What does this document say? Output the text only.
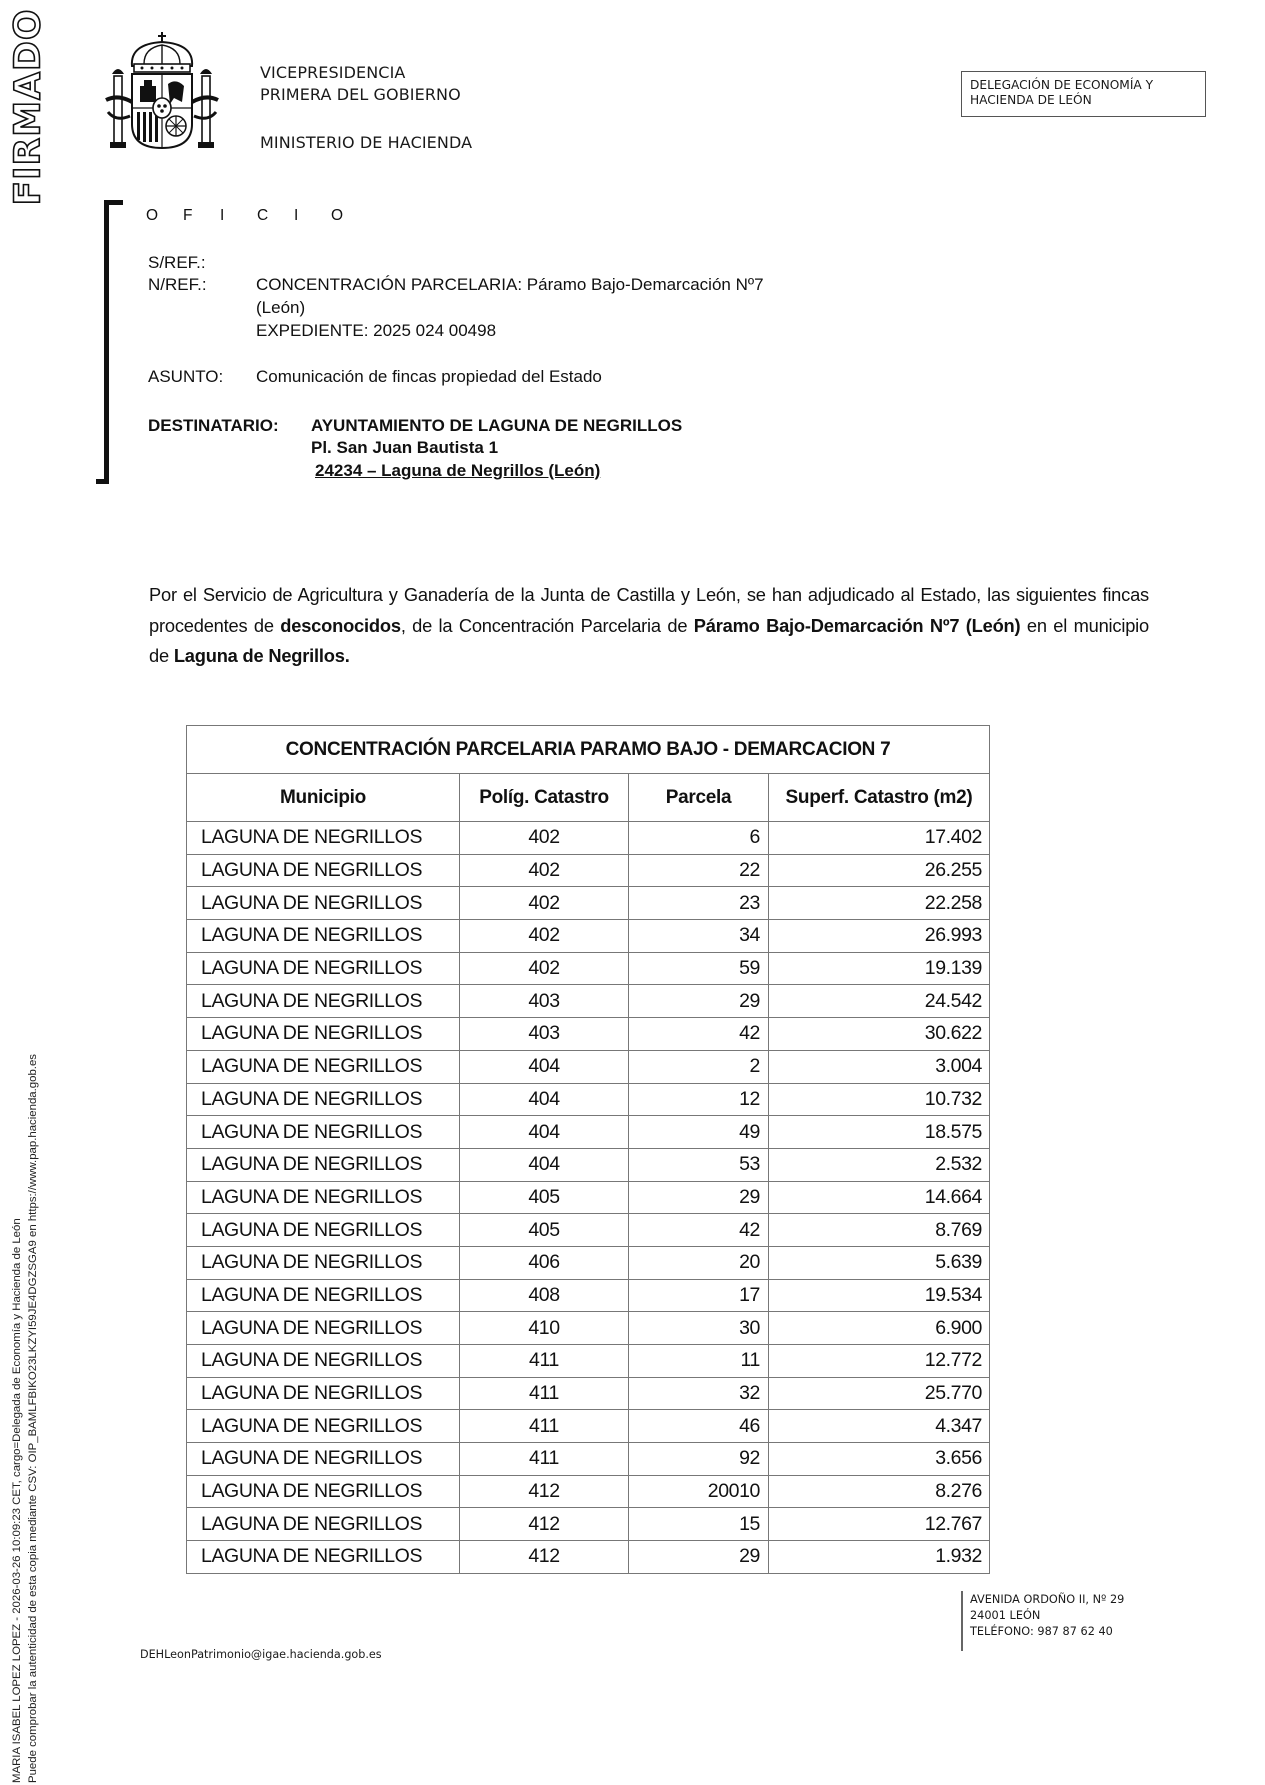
FIRMADO
MARIA ISABEL LOPEZ LOPEZ - 2026-03-26 10:09:23 CET, cargo=Delegada de Economía y Hacienda de León Puede comprobar la autenticidad de esta copia mediante CSV: OIP_BAMLFBIKO23LKZYI59JE4DGZSGA9 en https://www.pap.hacienda.gob.es
VICEPRESIDENCIA
PRIMERA DEL GOBIERNO
MINISTERIO DE HACIENDA
DELEGACIÓN DE ECONOMÍA Y
HACIENDA DE LEÓN
O F I C I O
S/REF.:
N/REF.:	CONCENTRACIÓN PARCELARIA: Páramo Bajo-Demarcación Nº7
(León)
EXPEDIENTE: 2025 024 00498
ASUNTO: Comunicación de fincas propiedad del Estado
DESTINATARIO: AYUNTAMIENTO DE LAGUNA DE NEGRILLOS
Pl. San Juan Bautista 1
24234 – Laguna de Negrillos (León)
Por el Servicio de Agricultura y Ganadería de la Junta de Castilla y León, se han adjudicado al Estado, las siguientes fincas procedentes de desconocidos, de la Concentración Parcelaria de Páramo Bajo-Demarcación Nº7 (León) en el municipio de Laguna de Negrillos.
CONCENTRACIÓN PARCELARIA PARAMO BAJO - DEMARCACION 7			
Municipio	Políg. Catastro	Parcela	Superf. Catastro (m2)
LAGUNA DE NEGRILLOS	402	6	17.402
LAGUNA DE NEGRILLOS	402	22	26.255
LAGUNA DE NEGRILLOS	402	23	22.258
LAGUNA DE NEGRILLOS	402	34	26.993
LAGUNA DE NEGRILLOS	402	59	19.139
LAGUNA DE NEGRILLOS	403	29	24.542
LAGUNA DE NEGRILLOS	403	42	30.622
LAGUNA DE NEGRILLOS	404	2	3.004
LAGUNA DE NEGRILLOS	404	12	10.732
LAGUNA DE NEGRILLOS	404	49	18.575
LAGUNA DE NEGRILLOS	404	53	2.532
LAGUNA DE NEGRILLOS	405	29	14.664
LAGUNA DE NEGRILLOS	405	42	8.769
LAGUNA DE NEGRILLOS	406	20	5.639
LAGUNA DE NEGRILLOS	408	17	19.534
LAGUNA DE NEGRILLOS	410	30	6.900
LAGUNA DE NEGRILLOS	411	11	12.772
LAGUNA DE NEGRILLOS	411	32	25.770
LAGUNA DE NEGRILLOS	411	46	4.347
LAGUNA DE NEGRILLOS	411	92	3.656
LAGUNA DE NEGRILLOS	412	20010	8.276
LAGUNA DE NEGRILLOS	412	15	12.767
LAGUNA DE NEGRILLOS	412	29	1.932
DEHLeonPatrimonio@igae.hacienda.gob.es
AVENIDA ORDOÑO II, Nº 29
24001 LEÓN
TELÉFONO: 987 87 62 40
